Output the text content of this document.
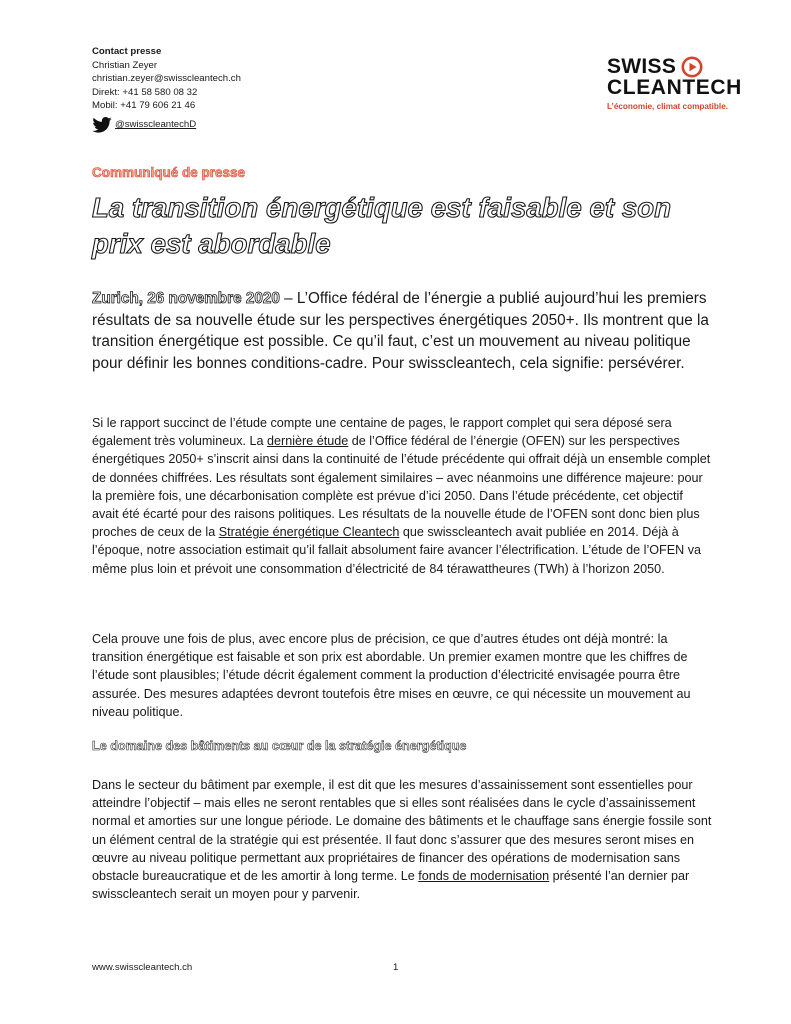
Contact presse
Christian Zeyer
christian.zeyer@swisscleantech.ch
Direkt: +41 58 580 08 32
Mobil: +41 79 606 21 46
@swisscleantechD
SWISS
CLEANTECH
L’économie, climat compatible.
Communiqué de presse
La transition énergétique est faisable et son prix est abordable

Zurich, 26 novembre 2020 – L’Office fédéral de l’énergie a publié aujourd’hui les premiers résultats de sa nouvelle étude sur les perspectives énergétiques 2050+. Ils montrent que la transition énergétique est possible. Ce qu’il faut, c’est un mouvement au niveau politique pour définir les bonnes conditions-cadre. Pour swisscleantech, cela signifie: persévérer.

Si le rapport succinct de l’étude compte une centaine de pages, le rapport complet qui sera déposé sera également très volumineux. La dernière étude de l’Office fédéral de l’énergie (OFEN) sur les perspectives énergétiques 2050+ s’inscrit ainsi dans la continuité de l’étude précédente qui offrait déjà un ensemble complet de données chiffrées. Les résultats sont également similaires – avec néanmoins une différence majeure: pour la première fois, une décarbonisation complète est prévue d’ici 2050. Dans l’étude précédente, cet objectif avait été écarté pour des raisons politiques. Les résultats de la nouvelle étude de l’OFEN sont donc bien plus proches de ceux de la Stratégie énergétique Cleantech que swisscleantech avait publiée en 2014. Déjà à l’époque, notre association estimait qu’il fallait absolument faire avancer l’électrification. L’étude de l’OFEN va même plus loin et prévoit une consommation d’électricité de 84 térawattheures (TWh) à l’horizon 2050.

Cela prouve une fois de plus, avec encore plus de précision, ce que d’autres études ont déjà montré: la transition énergétique est faisable et son prix est abordable. Un premier examen montre que les chiffres de l’étude sont plausibles; l’étude décrit également comment la production d’électricité envisagée pourra être assurée. Des mesures adaptées devront toutefois être mises en œuvre, ce qui nécessite un mouvement au niveau politique.

Le domaine des bâtiments au cœur de la stratégie énergétique

Dans le secteur du bâtiment par exemple, il est dit que les mesures d’assainissement sont essentielles pour atteindre l’objectif – mais elles ne seront rentables que si elles sont réalisées dans le cycle d’assainissement normal et amorties sur une longue période. Le domaine des bâtiments et le chauffage sans énergie fossile sont un élément central de la stratégie qui est présentée. Il faut donc s’assurer que des mesures seront mises en œuvre au niveau politique permettant aux propriétaires de financer des opérations de modernisation sans obstacle bureaucratique et de les amortir à long terme. Le fonds de modernisation présenté l’an dernier par swisscleantech serait un moyen pour y parvenir.

www.swisscleantech.ch	1
